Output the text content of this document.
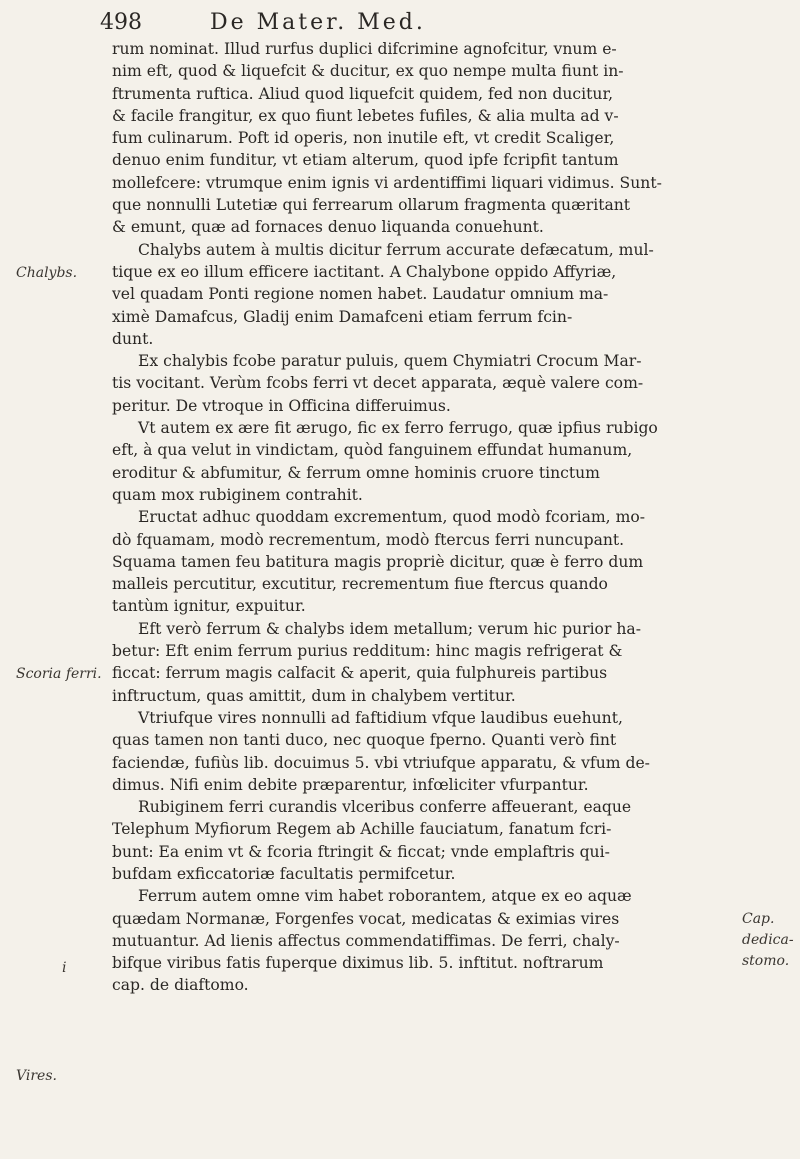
498	De Mater. Med.

rum nominat. Illud rurfus duplici difcrimine agnofcitur, vnum e-
nim eft, quod & liquefcit & ducitur, ex quo nempe multa fiunt in-
ftrumenta ruftica. Aliud quod liquefcit quidem, fed non ducitur,
& facile frangitur, ex quo fiunt lebetes fufiles, & alia multa ad v-
fum culinarum. Poft id operis, non inutile eft, vt credit Scaliger,
denuo enim funditur, vt etiam alterum, quod ipfe fcripfit tantum
mollefcere: vtrumque enim ignis vi ardentiffimi liquari vidimus. Sunt-
que nonnulli Lutetiæ qui ferrearum ollarum fragmenta quæritant
& emunt, quæ ad fornaces denuo liquanda conuehunt.

Chalybs autem à multis dicitur ferrum accurate defæcatum, mul-
tique ex eo illum efficere iactitant. A Chalybone oppido Affyriæ,
vel quadam Ponti regione nomen habet. Laudatur omnium ma-
ximè Damafcus, Gladij enim Damafceni etiam ferrum fcin-
dunt.

Ex chalybis fcobe paratur puluis, quem Chymiatri Crocum Mar-
tis vocitant. Verùm fcobs ferri vt decet apparata, æquè valere com-
peritur. De vtroque in Officina differuimus.

Vt autem ex ære fit ærugo, fic ex ferro ferrugo, quæ ipfius rubigo
eft, à qua velut in vindictam, quòd fanguinem effundat humanum,
eroditur & abfumitur, & ferrum omne hominis cruore tinctum
quam mox rubiginem contrahit.

Eructat adhuc quoddam excrementum, quod modò fcoriam, mo-
dò fquamam, modò recrementum, modò ftercus ferri nuncupant.
Squama tamen feu batitura magis propriè dicitur, quæ è ferro dum
malleis percutitur, excutitur, recrementum fiue ftercus quando
tantùm ignitur, expuitur.

Eft verò ferrum & chalybs idem metallum; verum hic purior ha-
betur: Eft enim ferrum purius redditum: hinc magis refrigerat &
ficcat: ferrum magis calfacit & aperit, quia fulphureis partibus
inftructum, quas amittit, dum in chalybem vertitur.

Vtriufque vires nonnulli ad faftidium vfque laudibus euehunt,
quas tamen non tanti duco, nec quoque fperno. Quanti verò fint
faciendæ, fufiùs lib. docuimus 5. vbi vtriufque apparatu, & vfum de-
dimus. Nifi enim debite præparentur, infœliciter vfurpantur.

Rubiginem ferri curandis vlceribus conferre affeuerant, eaque
Telephum Myfiorum Regem ab Achille fauciatum, fanatum fcri-
bunt: Ea enim vt & fcoria ftringit & ficcat; vnde emplaftris qui-
bufdam exficcatoriæ facultatis permifcetur.

Ferrum autem omne vim habet roborantem, atque ex eo aquæ
quædam Normanæ, Forgenfes vocat, medicatas & eximias vires
mutuantur. Ad lienis affectus commendatiffimas. De ferri, chaly-
bifque viribus fatis fuperque diximus lib. 5. inftitut. noftrarum
cap. de diaftomo.

Chalybs.
Scoria ferri.
Cap.
dedica-
stomo.
i
Vires.
